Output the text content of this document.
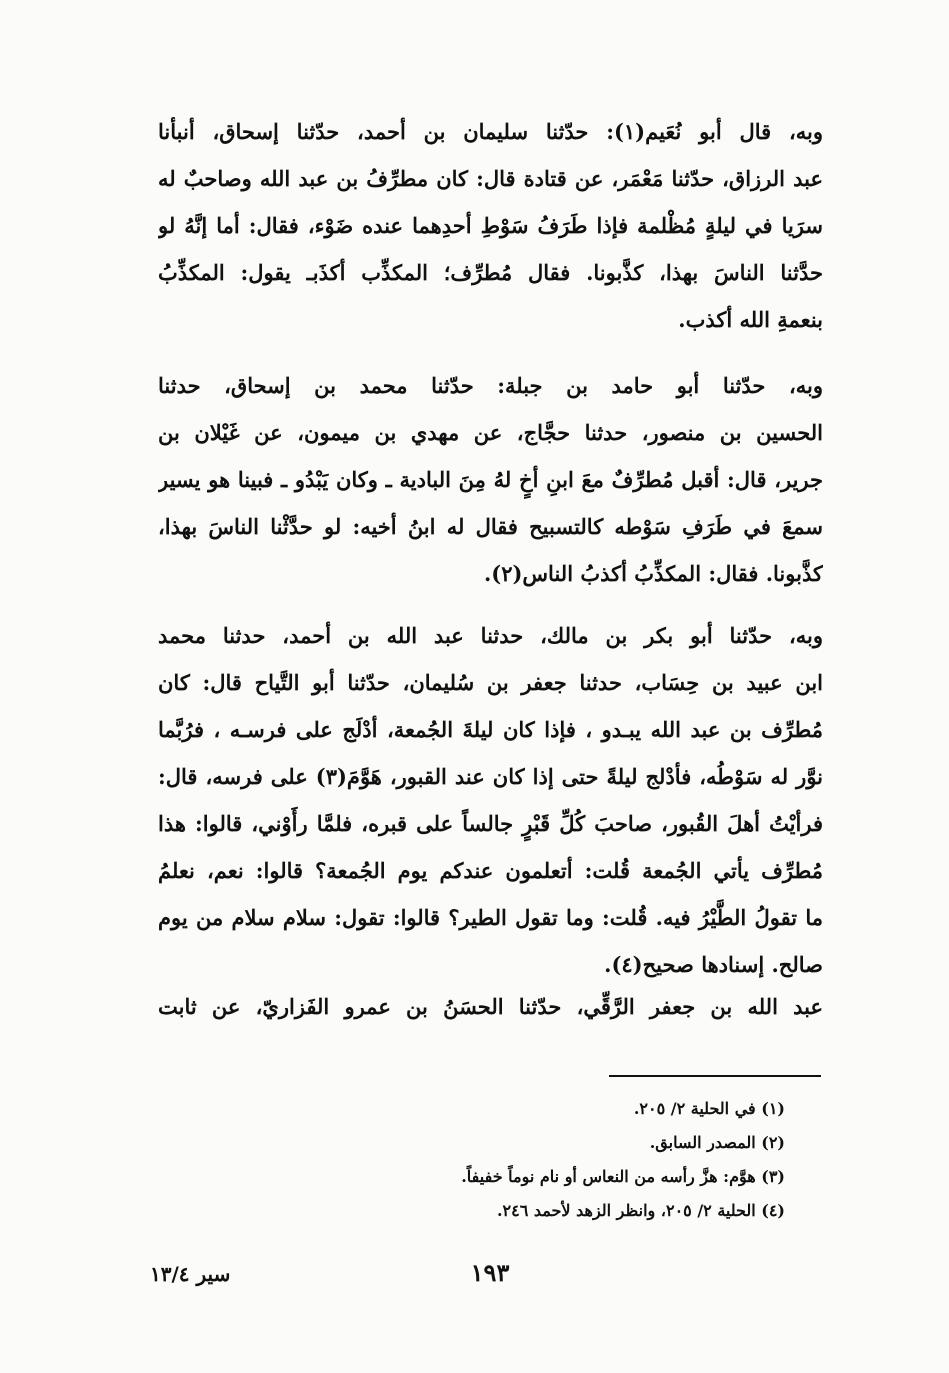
وبه، قال أبو نُعَيم(١): حدّثنا سليمان بن أحمد، حدّثنا إسحاق، أنبأنا
عبد الرزاق، حدّثنا مَعْمَر، عن قتادة قال: كان مطرِّفُ بن عبد الله وصاحبٌ له
سرَيا في ليلةٍ مُظْلمة فإذا طَرَفُ سَوْطِ أحدِهما عنده ضَوْء، فقال: أما إنَّهُ لو
حدَّثنا الناسَ بهذا، كذَّبونا. فقال مُطرِّف؛ المكذِّب أكذَبـ يقول: المكذِّبُ
بنعمةِ الله أكذب.
وبه، حدّثنا أبو حامد بن جبلة: حدّثنا محمد بن إسحاق، حدثنا
الحسين بن منصور، حدثنا حجَّاج، عن مهدي بن ميمون، عن غَيْلان بن
جرير، قال: أقبل مُطرِّفٌ معَ ابنِ أخٍ لهُ مِنَ البادية ـ وكان يَبْدُو ـ فبينا هو يسير
سمعَ في طَرَفِ سَوْطه كالتسبيح فقال له ابنُ أخيه: لو حدَّثْنا الناسَ بهذا،
كذَّبونا. فقال: المكذِّبُ أكذبُ الناس(٢).
وبه، حدّثنا أبو بكر بن مالك، حدثنا عبد الله بن أحمد، حدثنا محمد
ابن عبيد بن حِسَاب، حدثنا جعفر بن سُليمان، حدّثنا أبو التَّياح قال: كان
مُطرِّف بن عبد الله يبـدو ، فإذا كان ليلةَ الجُمعة، أدْلَج على فرسـه ، فرُبَّما
نوَّر له سَوْطُه، فأدْلج ليلةً حتى إذا كان عند القبور، هَوَّمَ(٣) على فرسه، قال:
فرأيْتُ أهلَ القُبور، صاحبَ كُلِّ قَبْرٍ جالساً على قبره، فلمَّا رأَوْني، قالوا: هذا
مُطرِّف يأتي الجُمعة قُلت: أتعلمون عندكم يوم الجُمعة؟ قالوا: نعم، نعلمُ
ما تقولُ الطَّيْرُ فيه. قُلت: وما تقول الطير؟ قالوا: تقول: سلام سلام من يوم
صالح. إسنادها صحيح(٤).
عبد الله بن جعفر الرَّقِّي، حدّثنا الحسَنُ بن عمرو الفَزاريّ، عن ثابت
(١) في الحلية ٢/ ٢٠٥.
(٢) المصدر السابق.
(٣) هوَّم: هزَّ رأسه من النعاس أو نام نوماً خفيفاً.
(٤) الحلية ٢/ ٢٠٥، وانظر الزهد لأحمد ٢٤٦.
١٩٣
سير ١٣/٤
